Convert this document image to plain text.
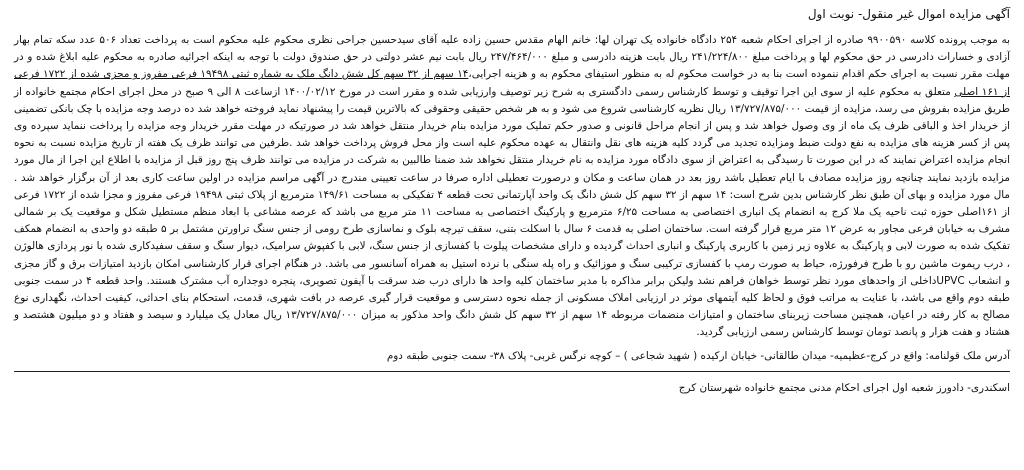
آگهی مزایده اموال غیر منقول- نوبت اول

به موجب پرونده کلاسه ۹۹۰۰۵۹۰ صادره از اجرای احکام شعبه ۲۵۴ دادگاه خانواده یک تهران لها: خانم الهام مقدس حسین زاده علیه آقای سیدحسین جراحی نظری محکوم علیه محکوم است به پرداخت تعداد ۵۰۶ عدد سکه تمام بهار آزادی و خسارات دادرسی در حق محکوم لها و پرداخت مبلغ ۲۴۱/۲۲۴/۸۰۰ ریال بابت هزینه دادرسی و مبلغ ۲۴۷/۴۶۴/۰۰۰ ریال بابت نیم عشر دولتی در حق صندوق دولت با توجه به اینکه اجرائیه صادره به محکوم علیه ابلاغ شده و در مهلت مقرر نسبت به اجرای حکم اقدام ننموده است بنا به در خواست محکوم له به منظور استیفای محکوم به و هزینه اجرایی،۱۴ سهم از ۳۲ سهم کل شش دانگ ملک به شماره ثبتی ۱۹۴۹۸ فرعی مفروز و مجزی شده از ۱۷۲۲ فرعی از ۱۶۱ اصلی متعلق به محکوم علیه از سوی این اجرا توقیف و توسط کارشناس رسمی دادگستری به شرح زیر توصیف وارزیابی شده و مقرر است در مورخ ۱۴۰۰/۰۲/۱۲ ازساعت ۸ الی ۹ صبح در محل اجرای احکام مجتمع خانواده از طریق مزایده بفروش می رسد، مزایده از قیمت ۱۳/۷۲۷/۸۷۵/۰۰۰ ریال نظریه کارشناسی شروع می شود و به هر شخص حقیقی وحقوقی که بالاترین قیمت را پیشنهاد نماید فروخته خواهد شد ده درصد وجه مزایده با چک بانکی تضمینی از خریدار اخذ و الباقی ظرف یک ماه از وی وصول خواهد شد و پس از انجام مراحل قانونی و صدور حکم تملیک مورد مزایده بنام خریدار منتقل خواهد شد در صورتیکه در مهلت مقرر خریدار وجه مزایده را پرداخت ننماید سپرده وی پس از کسر هزینه های مزایده به نفع دولت ضبط ومزایده تجدید می گردد کلیه هزینه های نقل وانتقال به عهده محکوم علیه است واز محل فروش پرداخت خواهد شد .طرفین می توانند ظرف یک هفته از تاریخ مزایده نسبت به نحوه انجام مزایده اعتراض نمایند که در این صورت تا رسیدگی به اعتراض از سوی دادگاه مورد مزایده به نام خریدار منتقل نخواهد شد ضمنا طالبین به شرکت در مزایده می توانند ظرف پنج روز قبل از مزایده با اطلاع این اجرا از مال مورد مزایده بازدید نمایند چنانچه روز مزایده مصادف با ایام تعطیل باشد روز بعد در همان ساعت و مکان و درصورت تعطیلی اداره صرفا در ساعت تعیینی مندرج در آگهی مراسم مزایده در اولین ساعت کاری بعد از آن برگزار خواهد شد . مال مورد مزایده و بهای آن طبق نظر کارشناس بدین شرح است: ۱۴ سهم از ۳۲ سهم کل شش دانگ یک واحد آپارتمانی تحت قطعه ۴ تفکیکی به مساحت ۱۴۹/۶۱ مترمربع از پلاک ثبتی ۱۹۴۹۸ فرعی مفروز و مجزا شده از ۱۷۲۲ فرعی از ۱۶۱اصلی حوزه ثبت ناحیه یک ملا کرج به انضمام یک انباری اختصاصی به مساحت ۶/۲۵ مترمربع و پارکینگ اختصاصی به مساحت ۱۱ متر مربع می باشد که عرصه مشاعی با ابعاد منظم مستطیل شکل و موقعیت یک بر شمالی مشرف به خیابان فرعی مجاور به عرض ۱۲ متر مربع قرار گرفته است. ساختمان اصلی به قدمت ۶ سال با اسکلت بتنی، سقف تیرچه بلوک و نماسازی طرح رومی از جنس سنگ تراورتن مشتمل بر ۵ طبقه دو واحدی به انضمام همکف تفکیک شده به صورت لابی و پارکینگ به علاوه زیر زمین با کاربری پارکینگ و انباری احداث گردیده و دارای مشخصات پیلوت با کفسازی از جنس سنگ، لابی با کفپوش سرامیک، دیوار سنگ و سقف سفیدکاری شده با نور پردازی هالوژن ، درب ریموت ماشین رو با طرح فرفورژه، حیاط به صورت رمپ با کفسازی ترکیبی سنگ و موزائیک و راه پله سنگی با نرده استیل به همراه آسانسور می باشد. در هنگام اجرای قرار کارشناسی امکان بازدید امتیازات برق و گاز مجزی و انشعاب UPVCداخلی از واحدهای مورد نظر توسط خواهان فراهم نشد ولیکن برابر مذاکره با مدیر ساختمان کلیه واحد ها دارای درب ضد سرقت با آیفون تصویری، پنجره دوجداره آب مشترک هستند. واحد قطعه ۴ در سمت جنوبی طبقه دوم واقع می باشد، با عنایت به مراتب فوق و لحاظ کلیه آیتمهای موثر در ارزیابی املاک مسکونی از جمله نحوه دسترسی و موقعیت قرار گیری عرصه در بافت شهری، قدمت، استحکام بنای احداثی، کیفیت احداث، نگهداری نوع مصالح به کار رفته در اعیان، همچنین مساحت زیربنای ساختمان و امتیازات منضمات مربوطه ۱۴ سهم از ۳۲ سهم کل شش دانگ واحد مذکور به میزان ۱۳/۷۲۷/۸۷۵/۰۰۰ ریال معادل یک میلیارد و سیصد و هفتاد و دو میلیون هشتصد و هشتاد و هفت هزار و پانصد تومان توسط کارشناس رسمی ارزیابی گردید.

آدرس ملک قولنامه: واقع در کرج-عظیمیه- میدان طالقانی- خیابان ارکیده ( شهید شجاعی ) – کوچه نرگس غربی- پلاک ۳۸- سمت جنوبی طبقه دوم
اسکندری- دادورز شعبه اول اجرای احکام مدنی مجتمع خانواده شهرستان کرج
